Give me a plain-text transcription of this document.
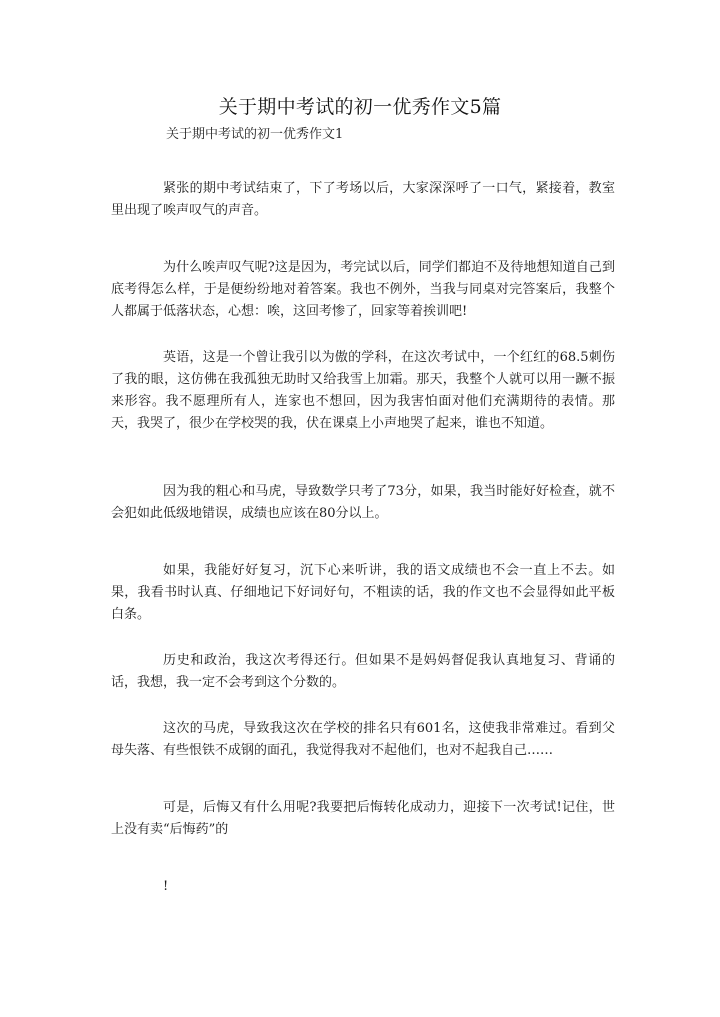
关于期中考试的初一优秀作文5篇
关于期中考试的初一优秀作文1

紧张的期中考试结束了，下了考场以后，大家深深呼了一口气，紧接着，教室里出现了唉声叹气的声音。

为什么唉声叹气呢?这是因为，考完试以后，同学们都迫不及待地想知道自己到底考得怎么样，于是便纷纷地对着答案。我也不例外，当我与同桌对完答案后，我整个人都属于低落状态，心想：唉，这回考惨了，回家等着挨训吧!

英语，这是一个曾让我引以为傲的学科，在这次考试中，一个红红的68.5刺伤了我的眼，这仿佛在我孤独无助时又给我雪上加霜。那天，我整个人就可以用一蹶不振来形容。我不愿理所有人，连家也不想回，因为我害怕面对他们充满期待的表情。那天，我哭了，很少在学校哭的我，伏在课桌上小声地哭了起来，谁也不知道。

因为我的粗心和马虎，导致数学只考了73分，如果，我当时能好好检查，就不会犯如此低级地错误，成绩也应该在80分以上。

如果，我能好好复习，沉下心来听讲，我的语文成绩也不会一直上不去。如果，我看书时认真、仔细地记下好词好句，不粗读的话，我的作文也不会显得如此平板白条。

历史和政治，我这次考得还行。但如果不是妈妈督促我认真地复习、背诵的话，我想，我一定不会考到这个分数的。

这次的马虎，导致我这次在学校的排名只有601名，这使我非常难过。看到父母失落、有些恨铁不成钢的面孔，我觉得我对不起他们，也对不起我自己……

可是，后悔又有什么用呢?我要把后悔转化成动力，迎接下一次考试!记住，世上没有卖“后悔药”的

!
